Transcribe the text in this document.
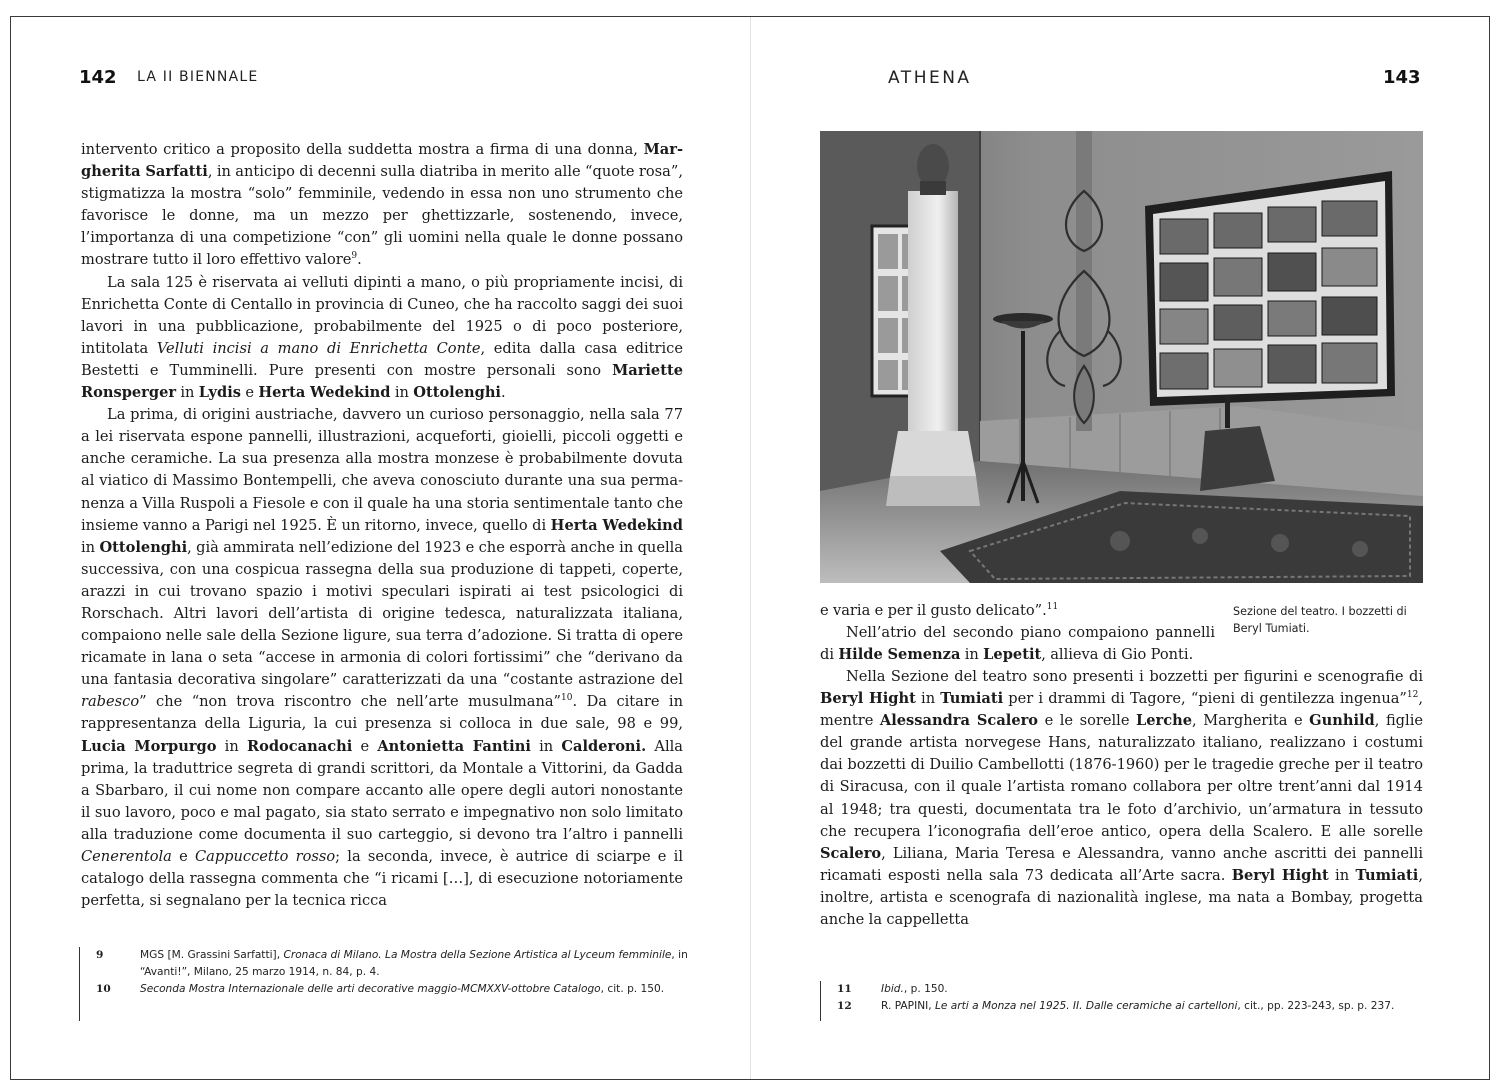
142 LA II BIENNALE

intervento critico a proposito della suddetta mostra a firma di una donna, Margherita Sarfatti, in anticipo di decenni sulla diatriba in merito alle “quote rosa”, stigmatizza la mostra “solo” femminile, vedendo in essa non uno strumento che favorisce le donne, ma un mezzo per ghettizzarle, sostenendo, invece, l’importanza di una competizione “con” gli uomini nella quale le donne possano mostrare tutto il loro effettivo valore$^9$.

La sala 125 è riservata ai velluti dipinti a mano, o più propriamente incisi, di Enrichetta Conte di Centallo in provincia di Cuneo, che ha raccolto saggi dei suoi lavori in una pubblicazione, probabilmente del 1925 o di poco posteriore, intitolata Velluti incisi a mano di Enrichetta Conte, edita dalla casa editrice Bestetti e Tumminelli. Pure presenti con mostre personali sono Mariette Ronsperger in Lydis e Herta Wedekind in Ottolenghi.

La prima, di origini austriache, davvero un curioso personaggio, nella sala 77 a lei riservata espone pannelli, illustrazioni, acqueforti, gioielli, piccoli oggetti e anche ceramiche. La sua presenza alla mostra monzese è probabilmente dovuta al viatico di Massimo Bontempelli, che aveva conosciuto durante una sua permanenza a Villa Ruspoli a Fiesole e con il quale ha una storia sentimentale tanto che insieme vanno a Parigi nel 1925. È un ritorno, invece, quello di Herta Wedekind in Ottolenghi, già ammirata nell’edizione del 1923 e che esporrà anche in quella successiva, con una cospicua rassegna della sua produzione di tappeti, coperte, arazzi in cui trovano spazio i motivi speculari ispirati ai test psicologici di Rorschach. Altri lavori dell’artista di origine tedesca, naturalizzata italiana, compaiono nelle sale della Sezione ligure, sua terra d’adozione. Si tratta di opere ricamate in lana o seta “accese in armonia di colori fortissimi” che “derivano da una fantasia decorativa singolare” caratterizzati da una “costante astrazione del rabesco” che “non trova riscontro che nell’arte musulmana”$^{10}$. Da citare in rappresentanza della Liguria, la cui presenza si colloca in due sale, 98 e 99, Lucia Morpurgo in Rodocanachi e Antonietta Fantini in Calderoni. Alla prima, la traduttrice segreta di grandi scrittori, da Montale a Vittorini, da Gadda a Sbarbaro, il cui nome non compare accanto alle opere degli autori nonostante il suo lavoro, poco e mal pagato, sia stato serrato e impegnativo non solo limitato alla traduzione come documenta il suo carteggio, si devono tra l’altro i pannelli Cenerentola e Cappuccetto rosso; la seconda, invece, è autrice di sciarpe e il catalogo della rassegna commenta che “i ricami […], di esecuzione notoriamente perfetta, si segnalano per la tecnica ricca

9	MGS [M. Grassini Sarfatti], Cronaca di Milano. La Mostra della Sezione Artistica al Lyceum femminile, in “Avanti!”, Milano, 25 marzo 1914, n. 84, p. 4.
10	Seconda Mostra Internazionale delle arti decorative maggio-MCMXXV-ottobre Catalogo, cit. p. 150.
ATHENA	143

e varia e per il gusto delicato”.$^{11}$

Nell’atrio del secondo piano compaiono pannelli di Hilde Semenza in Lepetit, allieva di Gio Ponti.

Sezione del teatro. I bozzetti di Beryl Tumiati.

Nella Sezione del teatro sono presenti i bozzetti per figurini e scenografie di Beryl Hight in Tumiati per i drammi di Tagore, “pieni di gentilezza ingenua”$^{12}$, mentre Alessandra Scalero e le sorelle Lerche, Margherita e Gunhild, figlie del grande artista norvegese Hans, naturalizzato italiano, realizzano i costumi dai bozzetti di Duilio Cambellotti (1876-1960) per le tragedie greche per il teatro di Siracusa, con il quale l’artista romano collabora per oltre trent’anni dal 1914 al 1948; tra questi, documentata tra le foto d’archivio, un’armatura in tessuto che recupera l’iconografia dell’eroe antico, opera della Scalero. E alle sorelle Scalero, Liliana, Maria Teresa e Alessandra, vanno anche ascritti dei pannelli ricamati esposti nella sala 73 dedicata all’Arte sacra. Beryl Hight in Tumiati, inoltre, artista e scenografa di nazionalità inglese, ma nata a Bombay, progetta anche la cappelletta

11	Ibid., p. 150.
12	R. PAPINI, Le arti a Monza nel 1925. II. Dalle ceramiche ai cartelloni, cit., pp. 223-243, sp. p. 237.
